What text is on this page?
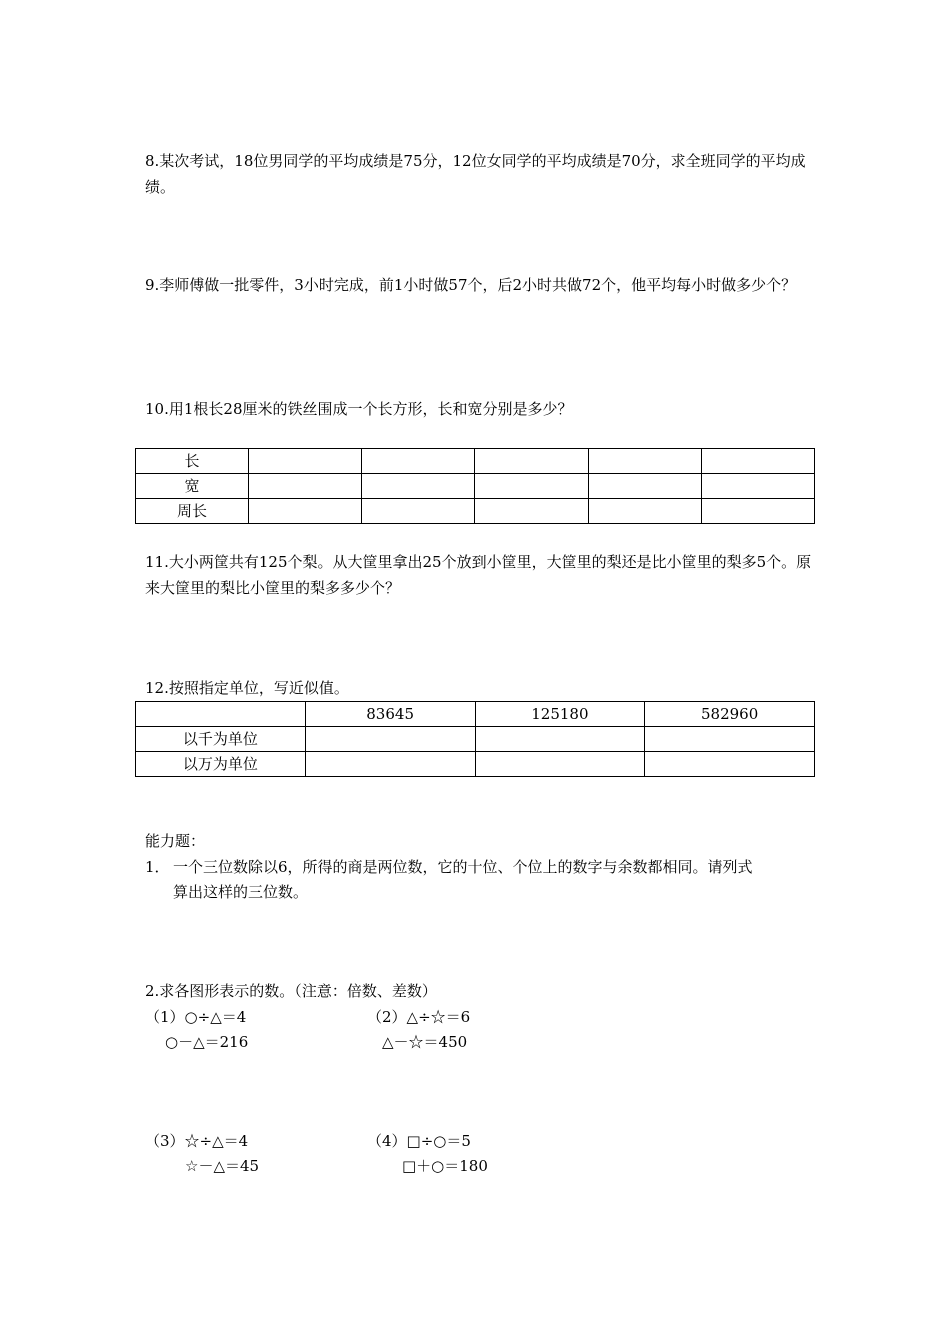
8.某次考试，18位男同学的平均成绩是75分，12位女同学的平均成绩是70分，求全班同学的平均成绩。

9.李师傅做一批零件，3小时完成，前1小时做57个，后2小时共做72个，他平均每小时做多少个？

10.用1根长28厘米的铁丝围成一个长方形，长和宽分别是多少？

长					
宽					
周长					

11.大小两筐共有125个梨。从大筐里拿出25个放到小筐里，大筐里的梨还是比小筐里的梨多5个。原来大筐里的梨比小筐里的梨多多少个？

12.按照指定单位，写近似值。

	83645	125180	582960
以千为单位			
以万为单位			
能力题：
1． 一个三位数除以6，所得的商是两位数，它的十位、个位上的数字与余数都相同。请列式
算出这样的三位数。
2.求各图形表示的数。（注意：倍数、差数）
（1）○÷△＝4
○－△＝216
（2）△÷☆＝6
△－☆＝450
（3）☆÷△＝4
☆－△＝45
（4）□÷○＝5
□＋○＝180
